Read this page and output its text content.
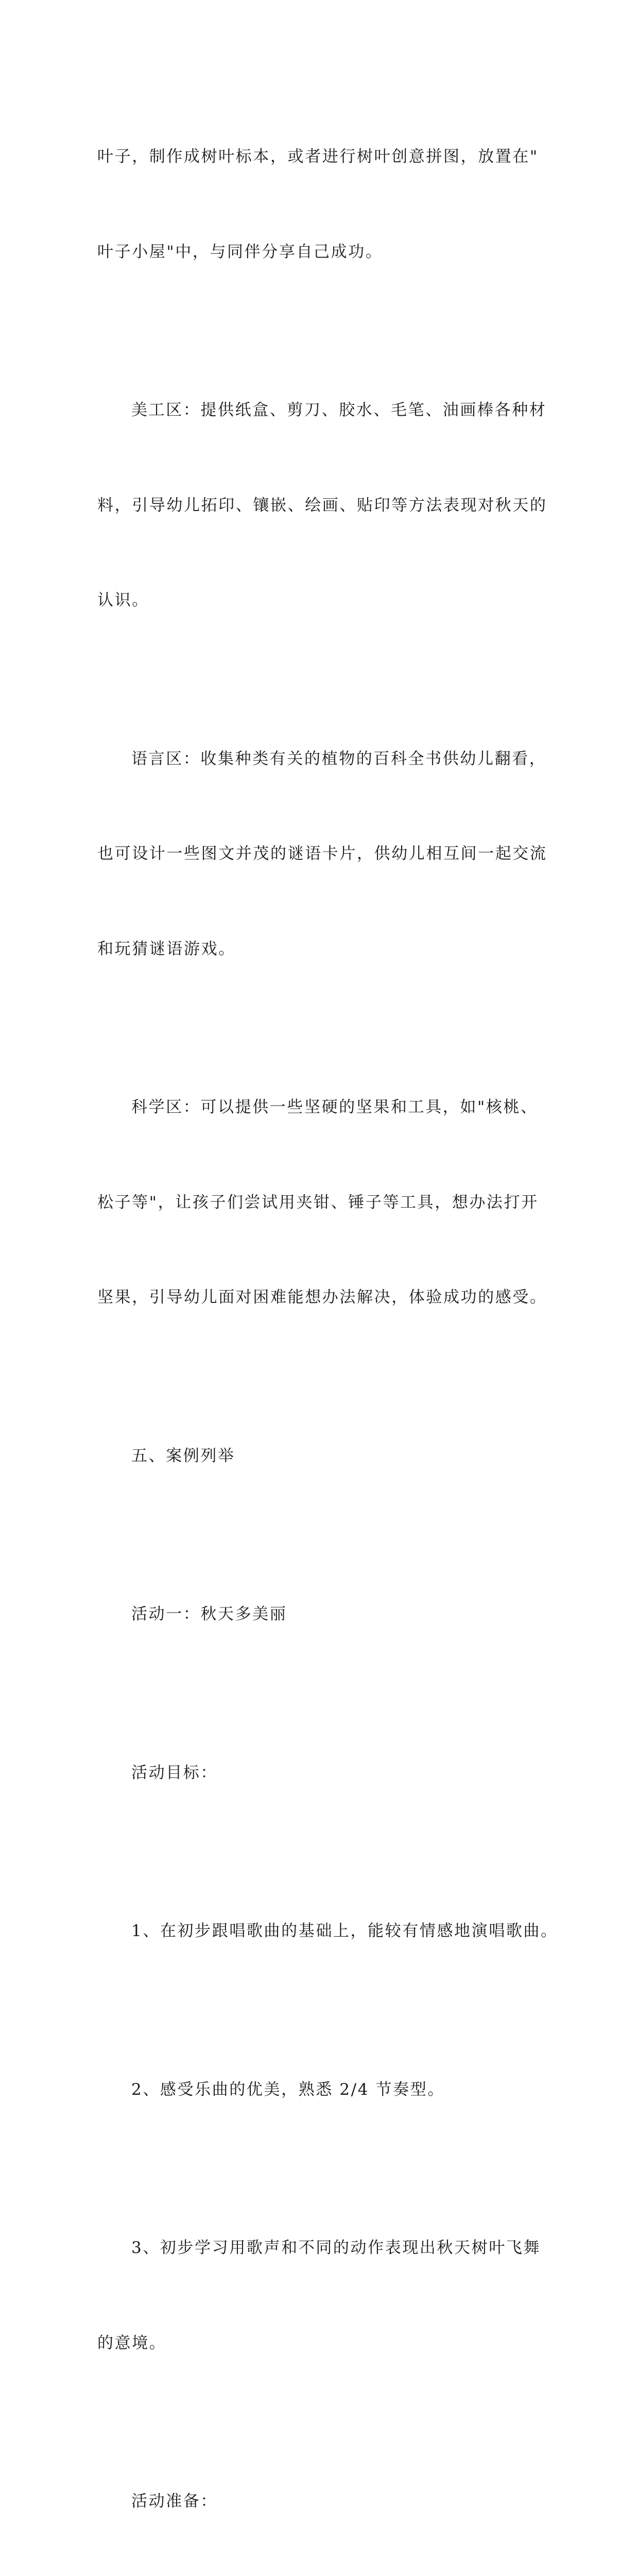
叶子，制作成树叶标本，或者进行树叶创意拼图，放置在"

叶子小屋"中，与同伴分享自己成功。

美工区：提供纸盒、剪刀、胶水、毛笔、油画棒各种材

料，引导幼儿拓印、镶嵌、绘画、贴印等方法表现对秋天的

认识。

语言区：收集种类有关的植物的百科全书供幼儿翻看，

也可设计一些图文并茂的谜语卡片，供幼儿相互间一起交流

和玩猜谜语游戏。

科学区：可以提供一些坚硬的坚果和工具，如"核桃、

松子等"，让孩子们尝试用夹钳、锤子等工具，想办法打开

坚果，引导幼儿面对困难能想办法解决，体验成功的感受。

五、案例列举

活动一：秋天多美丽

活动目标：

1、在初步跟唱歌曲的基础上，能较有情感地演唱歌曲。

2、感受乐曲的优美，熟悉 2/4 节奏型。

3、初步学习用歌声和不同的动作表现出秋天树叶飞舞

的意境。

活动准备：
